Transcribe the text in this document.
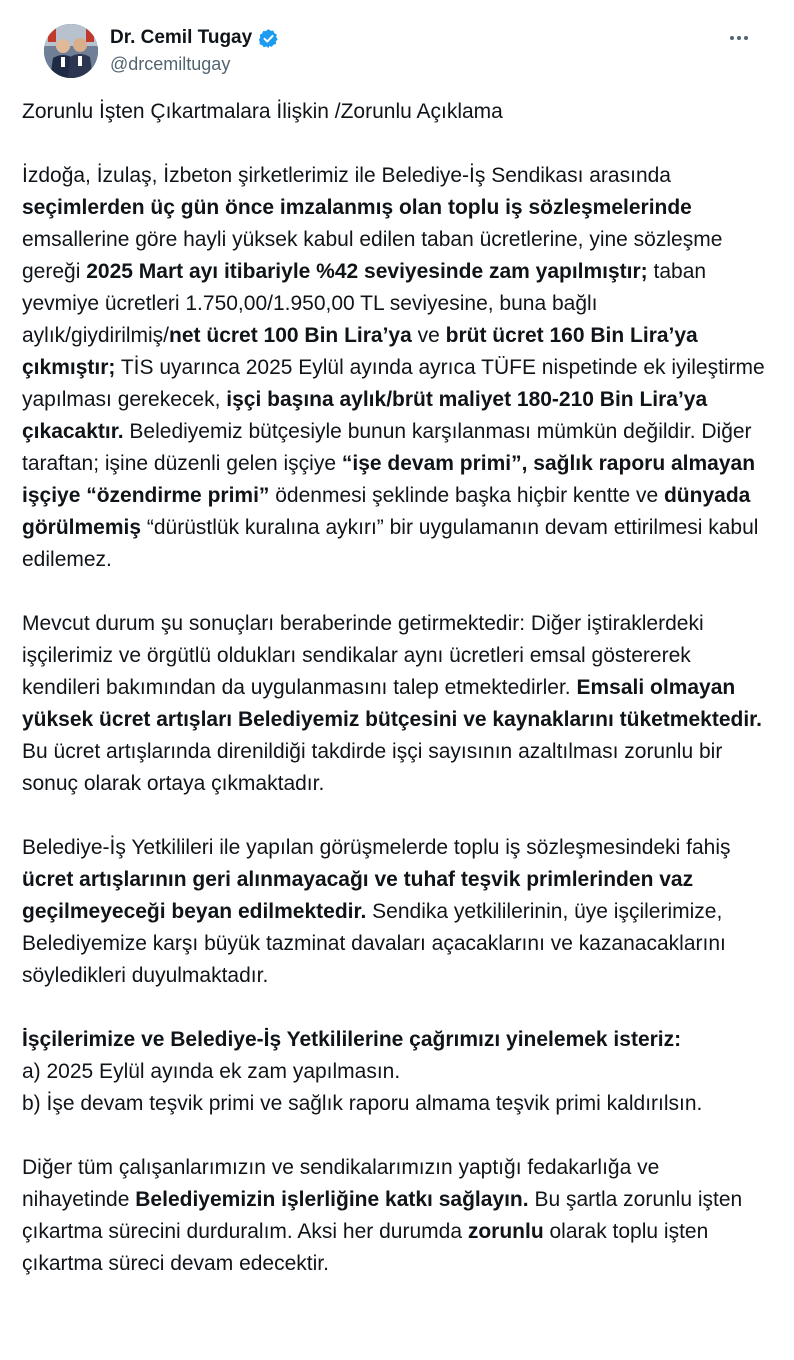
Dr. Cemil Tugay
@drcemiltugay
Zorunlu İşten Çıkartmalara İlişkin /Zorunlu Açıklama
İzdoğa, İzulaş, İzbeton şirketlerimiz ile Belediye-İş Sendikası arasında seçimlerden üç gün önce imzalanmış olan toplu iş sözleşmelerinde emsallerine göre hayli yüksek kabul edilen taban ücretlerine, yine sözleşme gereği 2025 Mart ayı itibariyle %42 seviyesinde zam yapılmıştır; taban yevmiye ücretleri 1.750,00/1.950,00 TL seviyesine, buna bağlı aylık/giydirilmiş/net ücret 100 Bin Lira’ya ve brüt ücret 160 Bin Lira’ya çıkmıştır; TİS uyarınca 2025 Eylül ayında ayrıca TÜFE nispetinde ek iyileştirme yapılması gerekecek, işçi başına aylık/brüt maliyet 180-210 Bin Lira’ya çıkacaktır. Belediyemiz bütçesiyle bunun karşılanması mümkün değildir. Diğer taraftan; işine düzenli gelen işçiye “işe devam primi”, sağlık raporu almayan işçiye “özendirme primi” ödenmesi şeklinde başka hiçbir kentte ve dünyada görülmemiş “dürüstlük kuralına aykırı” bir uygulamanın devam ettirilmesi kabul edilemez.
Mevcut durum şu sonuçları beraberinde getirmektedir: Diğer iştiraklerdeki işçilerimiz ve örgütlü oldukları sendikalar aynı ücretleri emsal göstererek kendileri bakımından da uygulanmasını talep etmektedirler. Emsali olmayan yüksek ücret artışları Belediyemiz bütçesini ve kaynaklarını tüketmektedir. Bu ücret artışlarında direnildiği takdirde işçi sayısının azaltılması zorunlu bir sonuç olarak ortaya çıkmaktadır.
Belediye-İş Yetkilileri ile yapılan görüşmelerde toplu iş sözleşmesindeki fahiş ücret artışlarının geri alınmayacağı ve tuhaf teşvik primlerinden vaz geçilmeyeceği beyan edilmektedir. Sendika yetkililerinin, üye işçilerimize, Belediyemize karşı büyük tazminat davaları açacaklarını ve kazanacaklarını söyledikleri duyulmaktadır.
İşçilerimize ve Belediye-İş Yetkililerine çağrımızı yinelemek isteriz:
a) 2025 Eylül ayında ek zam yapılmasın.
b) İşe devam teşvik primi ve sağlık raporu almama teşvik primi kaldırılsın.
Diğer tüm çalışanlarımızın ve sendikalarımızın yaptığı fedakarlığa ve nihayetinde Belediyemizin işlerliğine katkı sağlayın. Bu şartla zorunlu işten çıkartma sürecini durduralım. Aksi her durumda zorunlu olarak toplu işten çıkartma süreci devam edecektir.
